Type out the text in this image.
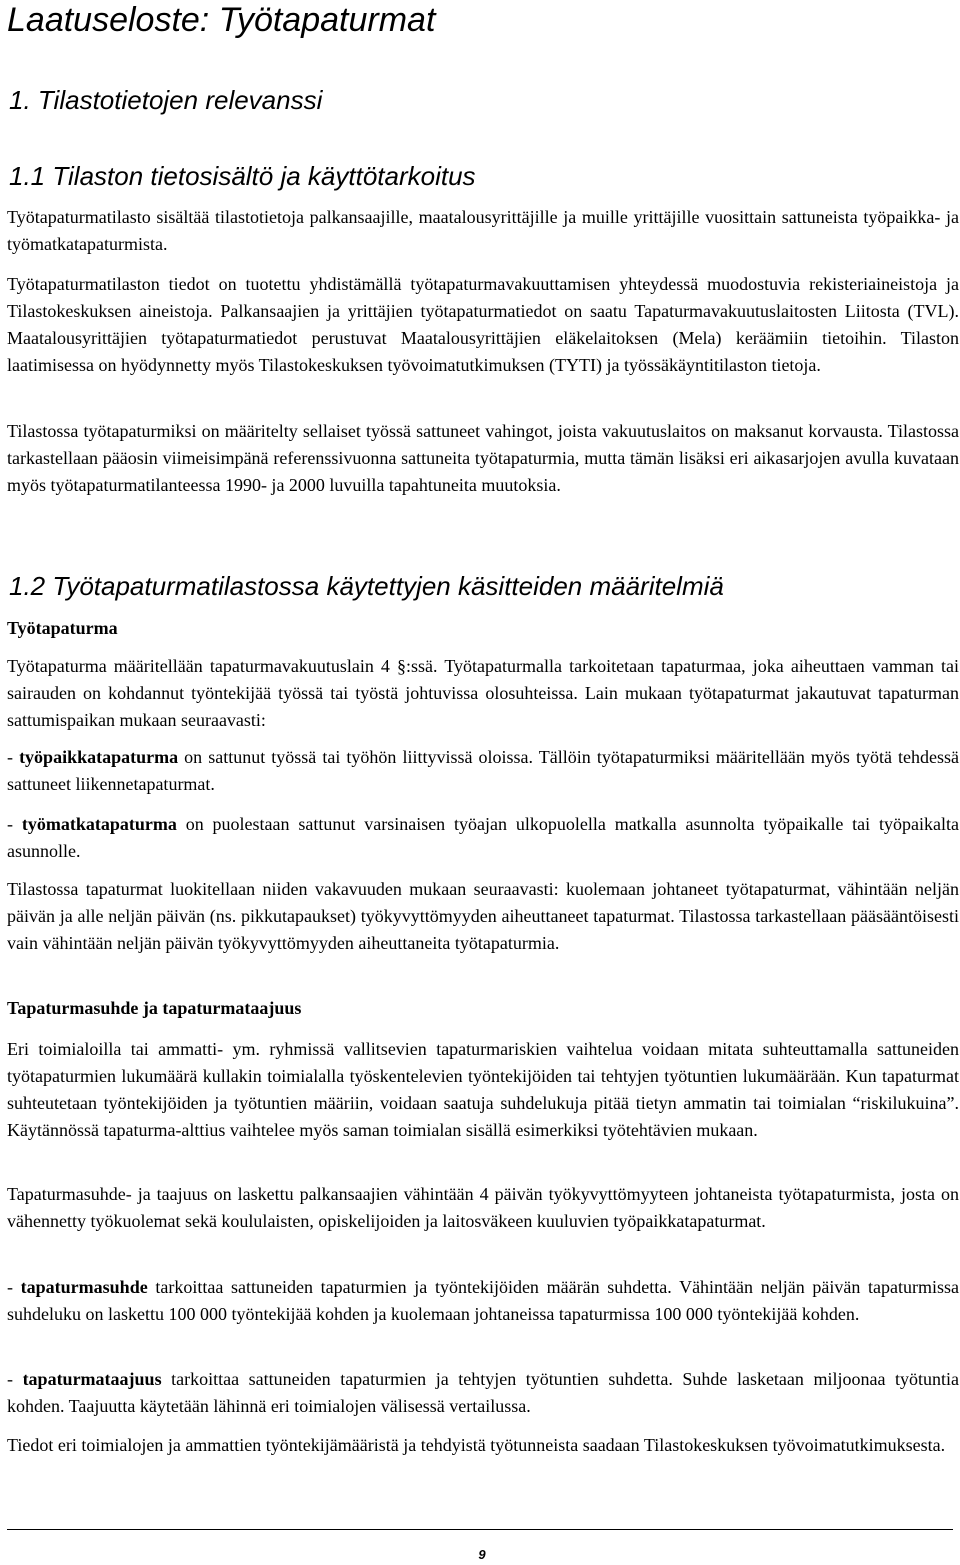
Laatuseloste: Työtapaturmat
1. Tilastotietojen relevanssi
1.1 Tilaston tietosisältö ja käyttötarkoitus

Työtapaturmatilasto sisältää tilastotietoja palkansaajille, maatalousyrittäjille ja muille yrittäjille vuosittain sattuneista työpaikka- ja työmatkatapaturmista.

Työtapaturmatilaston tiedot on tuotettu yhdistämällä työtapaturmavakuuttamisen yhteydessä muodostuvia rekisteriaineistoja ja Tilastokeskuksen aineistoja. Palkansaajien ja yrittäjien työtapaturmatiedot on saatu Tapaturmavakuutuslaitosten Liitosta (TVL). Maatalousyrittäjien työtapaturmatiedot perustuvat Maatalousyrittäjien eläkelaitoksen (Mela) keräämiin tietoihin. Tilaston laatimisessa on hyödynnetty myös Tilastokeskuksen työvoimatutkimuksen (TYTI) ja työssäkäyntitilaston tietoja.

Tilastossa työtapaturmiksi on määritelty sellaiset työssä sattuneet vahingot, joista vakuutuslaitos on maksanut korvausta. Tilastossa tarkastellaan pääosin viimeisimpänä referenssivuonna sattuneita työtapaturmia, mutta tämän lisäksi eri aikasarjojen avulla kuvataan myös työtapaturmatilanteessa 1990- ja 2000 luvuilla tapahtuneita muutoksia.

1.2 Työtapaturmatilastossa käytettyjen käsitteiden määritelmiä
Työtapaturma

Työtapaturma määritellään tapaturmavakuutuslain 4 §:ssä. Työtapaturmalla tarkoitetaan tapaturmaa, joka aiheuttaen vamman tai sairauden on kohdannut työntekijää työssä tai työstä johtuvissa olosuhteissa. Lain mukaan työtapaturmat jakautuvat tapaturman sattumispaikan mukaan seuraavasti:

- työpaikkatapaturma on sattunut työssä tai työhön liittyvissä oloissa. Tällöin työtapaturmiksi määritellään myös työtä tehdessä sattuneet liikennetapaturmat.

- työmatkatapaturma on puolestaan sattunut varsinaisen työajan ulkopuolella matkalla asunnolta työpaikalle tai työpaikalta asunnolle.

Tilastossa tapaturmat luokitellaan niiden vakavuuden mukaan seuraavasti: kuolemaan johtaneet työtapaturmat, vähintään neljän päivän ja alle neljän päivän (ns. pikkutapaukset) työkyvyttömyyden aiheuttaneet tapaturmat. Tilastossa tarkastellaan pääsääntöisesti vain vähintään neljän päivän työkyvyttömyyden aiheuttaneita työtapaturmia.

Tapaturmasuhde ja tapaturmataajuus

Eri toimialoilla tai ammatti- ym. ryhmissä vallitsevien tapaturmariskien vaihtelua voidaan mitata suhteuttamalla sattuneiden työtapaturmien lukumäärä kullakin toimialalla työskentelevien työntekijöiden tai tehtyjen työtuntien lukumäärään. Kun tapaturmat suhteutetaan työntekijöiden ja työtuntien määriin, voidaan saatuja suhdelukuja pitää tietyn ammatin tai toimialan “riskilukuina”. Käytännössä tapaturma-alttius vaihtelee myös saman toimialan sisällä esimerkiksi työtehtävien mukaan.

Tapaturmasuhde- ja taajuus on laskettu palkansaajien vähintään 4 päivän työkyvyttömyyteen johtaneista työtapaturmista, josta on vähennetty työkuolemat sekä koululaisten, opiskelijoiden ja laitosväkeen kuuluvien työpaikkatapaturmat.

- tapaturmasuhde tarkoittaa sattuneiden tapaturmien ja työntekijöiden määrän suhdetta. Vähintään neljän päivän tapaturmissa suhdeluku on laskettu 100 000 työntekijää kohden ja kuolemaan johtaneissa tapaturmissa 100 000 työntekijää kohden.

- tapaturmataajuus tarkoittaa sattuneiden tapaturmien ja tehtyjen työtuntien suhdetta. Suhde lasketaan miljoonaa työtuntia kohden. Taajuutta käytetään lähinnä eri toimialojen välisessä vertailussa.

Tiedot eri toimialojen ja ammattien työntekijämääristä ja tehdyistä työtunneista saadaan Tilastokeskuksen työvoimatutkimuksesta.

9
